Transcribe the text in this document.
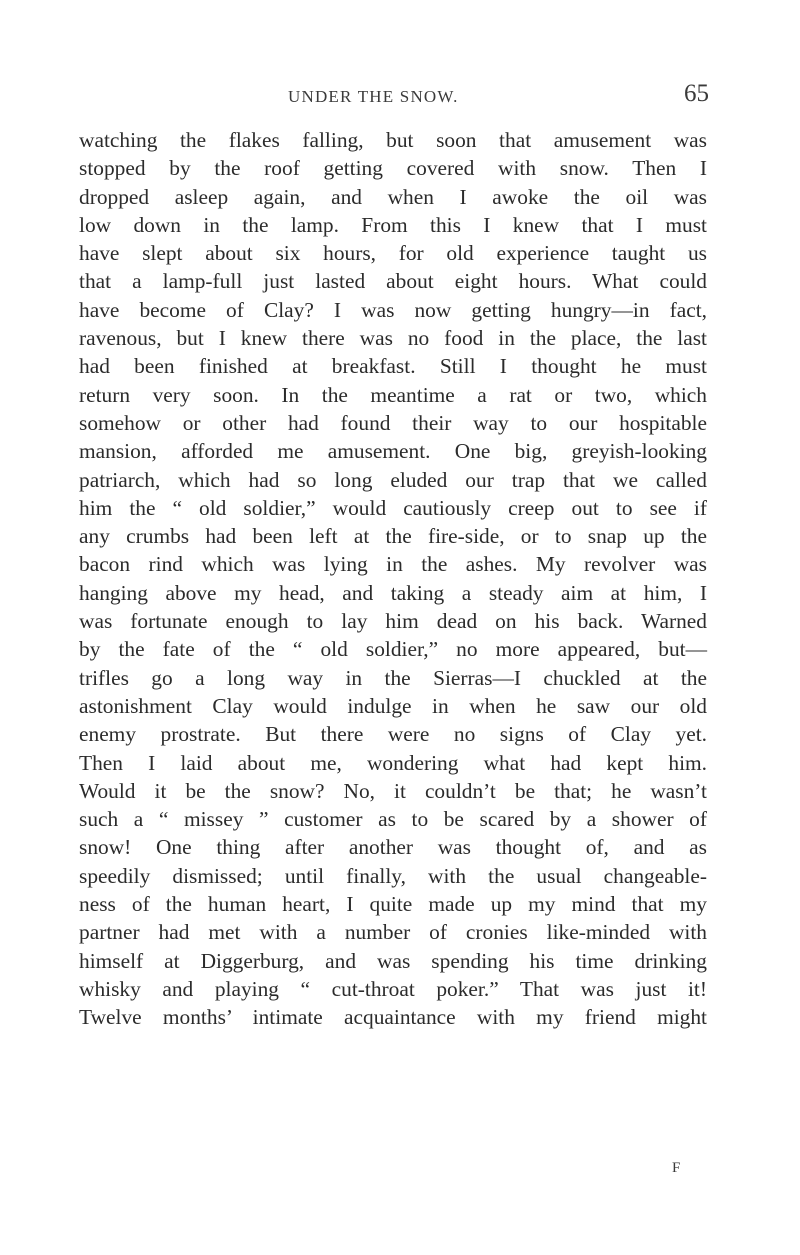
UNDER THE SNOW.	65
watching the flakes falling, but soon that amusement was
stopped by the roof getting covered with snow. Then I
dropped asleep again, and when I awoke the oil was
low down in the lamp. From this I knew that I must
have slept about six hours, for old experience taught us
that a lamp-full just lasted about eight hours. What could
have become of Clay? I was now getting hungry—in fact,
ravenous, but I knew there was no food in the place, the last
had been finished at breakfast. Still I thought he must
return very soon. In the meantime a rat or two, which
somehow or other had found their way to our hospitable
mansion, afforded me amusement. One big, greyish-looking
patriarch, which had so long eluded our trap that we called
him the “ old soldier,” would cautiously creep out to see if
any crumbs had been left at the fire-side, or to snap up the
bacon rind which was lying in the ashes. My revolver was
hanging above my head, and taking a steady aim at him, I
was fortunate enough to lay him dead on his back. Warned
by the fate of the “ old soldier,” no more appeared, but—
trifles go a long way in the Sierras—I chuckled at the
astonishment Clay would indulge in when he saw our old
enemy prostrate. But there were no signs of Clay yet.
Then I laid about me, wondering what had kept him.
Would it be the snow? No, it couldn’t be that; he wasn’t
such a “ missey ” customer as to be scared by a shower of
snow! One thing after another was thought of, and as
speedily dismissed; until finally, with the usual changeable-
ness of the human heart, I quite made up my mind that my
partner had met with a number of cronies like-minded with
himself at Diggerburg, and was spending his time drinking
whisky and playing “ cut-throat poker.” That was just it!
Twelve months’ intimate acquaintance with my friend might
F
